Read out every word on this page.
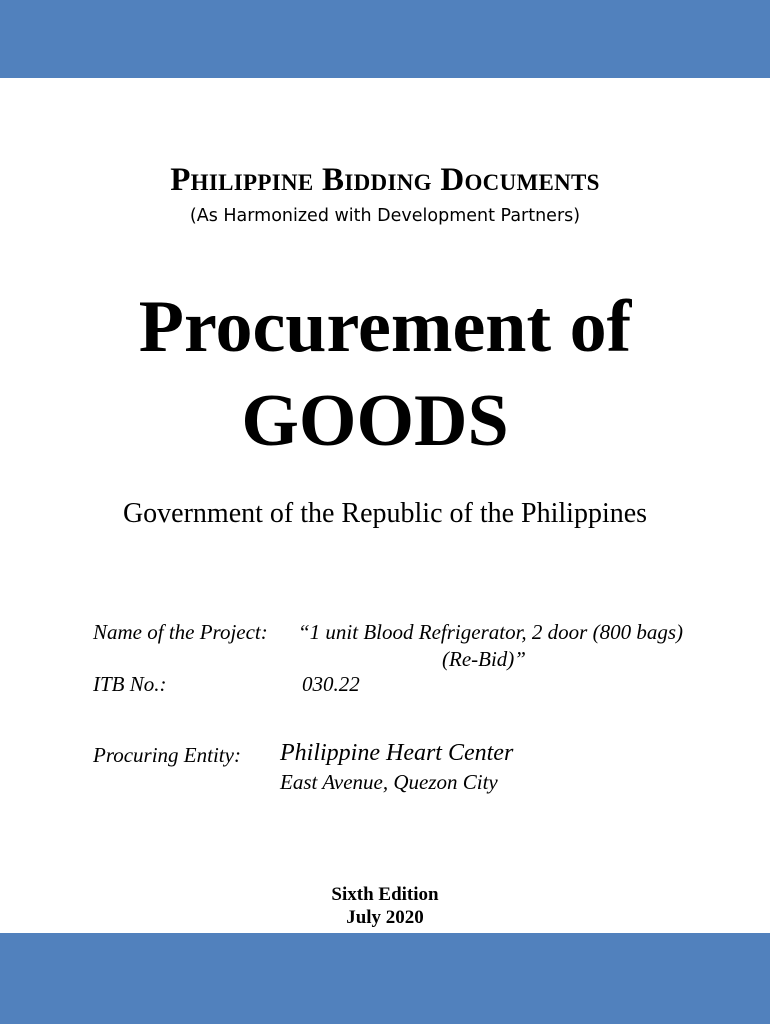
Philippine Bidding Documents

(As Harmonized with Development Partners)

Procurement of
GOODS

Government of the Republic of the Philippines

Name of the Project: “1 unit Blood Refrigerator, 2 door (800 bags)
(Re-Bid)”
ITB No.:	030.22
Procuring Entity: Philippine Heart Center
East Avenue, Quezon City

Sixth Edition

July 2020
